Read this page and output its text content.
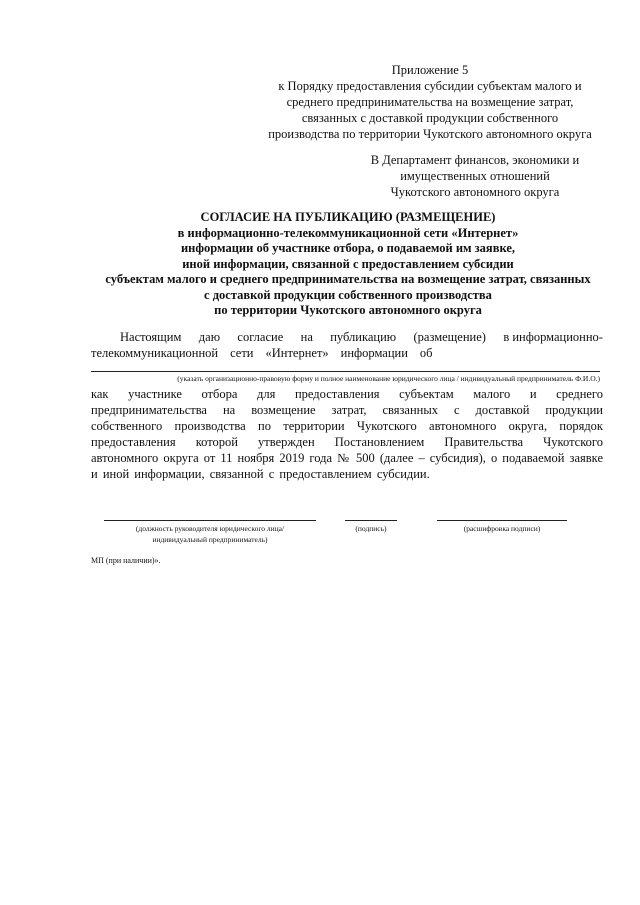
Приложение 5
к Порядку предоставления субсидии субъектам малого и
среднего предпринимательства на возмещение затрат,
связанных с доставкой продукции собственного
производства по территории Чукотского автономного округа
В Департамент финансов, экономики и
имущественных отношений
Чукотского автономного округа
СОГЛАСИЕ НА ПУБЛИКАЦИЮ (РАЗМЕЩЕНИЕ)
в информационно-телекоммуникационной сети «Интернет»
информации об участнике отбора, о подаваемой им заявке,
иной информации, связанной с предоставлением субсидии
субъектам малого и среднего предпринимательства на возмещение затрат, связанных
с доставкой продукции собственного производства
по территории Чукотского автономного округа
Настоящим даю согласие на публикацию (размещение) в информационно-
телекоммуникационной сети «Интернет» информации об
(указать организационно-правовую форму и полное наименование юридического лица / индивидуальный предприниматель Ф.И.О.)
как участнике отбора для предоставления субъектам малого и среднего
предпринимательства на возмещение затрат, связанных с доставкой продукции
собственного производства по территории Чукотского автономного округа, порядок
предоставления которой утвержден Постановлением Правительства Чукотского
автономного округа от 11 ноября 2019 года № 500 (далее – субсидия), о подаваемой заявке
и иной информации, связанной с предоставлением субсидии.
(должность руководителя юридического лица/
индивидуальный предприниматель)
(подпись)	(расшифровка подписи)
МП (при наличии)».
